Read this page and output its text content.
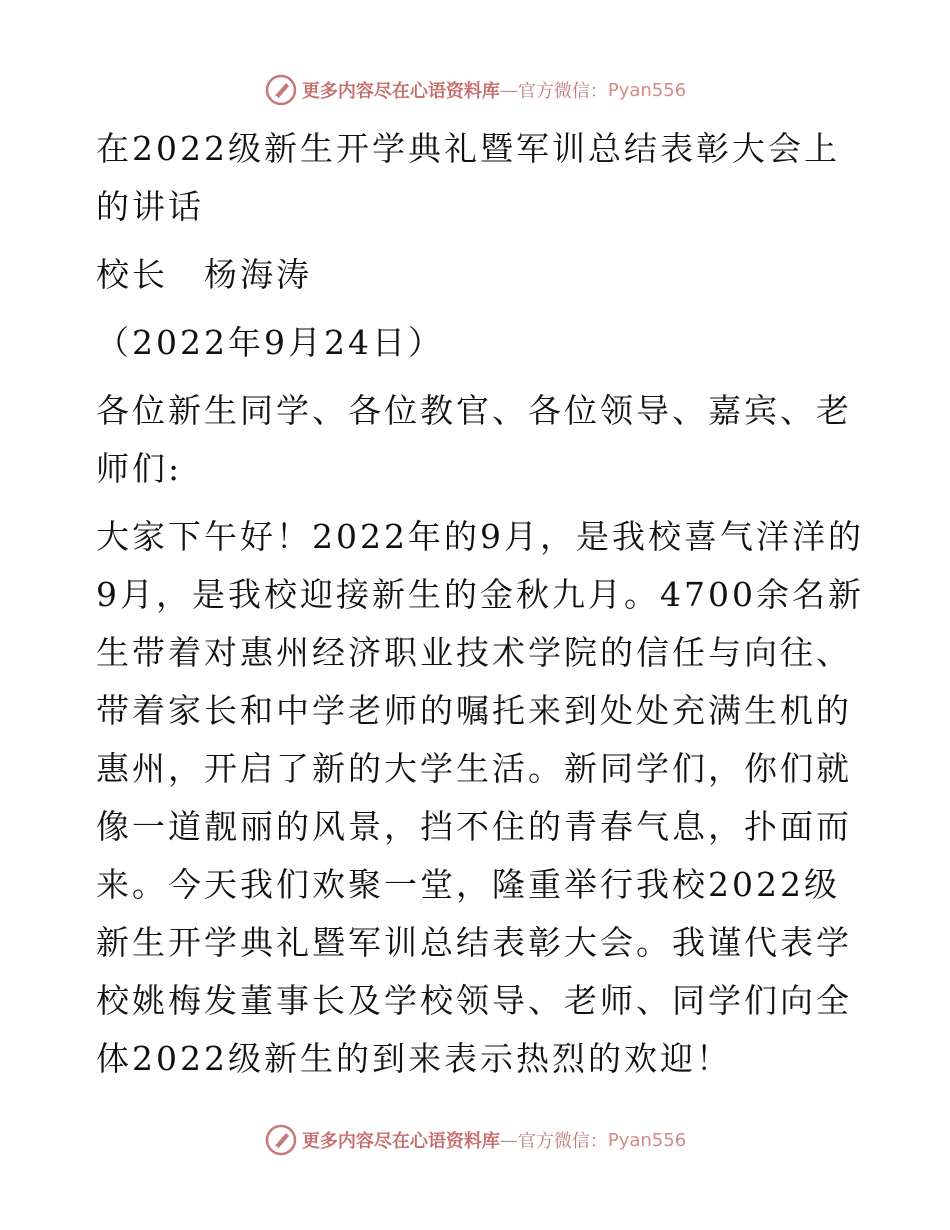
更多内容尽在心语资料库 — 官方微信： Pyan556

在2022级新生开学典礼暨军训总结表彰大会上的讲话

校长　杨海涛

（2022年9月24日）

各位新生同学、各位教官、各位领导、嘉宾、老师们:

大家下午好！2022年的9月，是我校喜气洋洋的9月，是我校迎接新生的金秋九月。4700余名新生带着对惠州经济职业技术学院的信任与向往、带着家长和中学老师的嘱托来到处处充满生机的惠州，开启了新的大学生活。新同学们，你们就像一道靓丽的风景，挡不住的青春气息，扑面而来。今天我们欢聚一堂，隆重举行我校2022级新生开学典礼暨军训总结表彰大会。我谨代表学校姚梅发董事长及学校领导、老师、同学们向全体2022级新生的到来表示热烈的欢迎！

更多内容尽在心语资料库 — 官方微信： Pyan556
